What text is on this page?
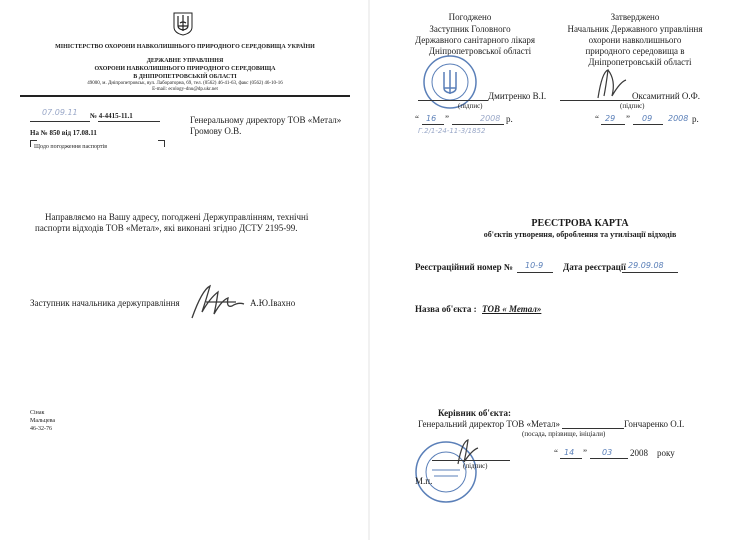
МІНІСТЕРСТВО ОХОРОНИ НАВКОЛИШНЬОГО ПРИРОДНОГО СЕРЕДОВИЩА УКРАЇНИ
ДЕРЖАВНЕ УПРАВЛІННЯ
ОХОРОНИ НАВКОЛИШНЬОГО ПРИРОДНОГО СЕРЕДОВИЩА
В ДНІПРОПЕТРОВСЬКІЙ ОБЛАСТІ
49000, м. Дніпропетровськ, вул. Лабораторна, 69, тел. (0562) 46-41-63, факс (0562) 46-10-16
E-mail: ecology-dnu@dp.ukr.net
07.09.11 № 4-4415-11.1
На № 850 від 17.08.11
Генеральному директору ТОВ «Метал»
Громову О.В.
Щодо погодження паспортів
Направляємо на Вашу адресу, погоджені Держуправлінням, технічні
паспорти відходів ТОВ «Метал», які виконані згідно ДСТУ 2195-99.
Заступник начальника держуправління	А.Ю.Івахно
Сінак
Мальцева
46-32-76
Погоджено
Заступник Головного
Державного санітарного лікаря
Дніпропетровської області
Дмитренко В.І.
(підпис)
“ 16 ”	2008 р.
Г.2/1-24-11-3/1852
Затверджено
Начальник Державного управління
охорони навколишнього
природного середовища в
Дніпропетровській області
Оксамитний О.Ф.
(підпис)
“ 29 ” 09 2008 р.
РЕЄСТРОВА КАРТА
об'єктів утворення, оброблення та утилізації відходів
Реєстраційний номер № 10-9 Дата реєстрації 29.09.08
Назва об'єкта : ТОВ « Метал»
Керівник об'єкта:
Генеральний директор ТОВ «Метал»	Гончаренко О.І.
(посада, прізвище, ініціали)
(підпис)
“ 14 ” 03 2008 року
М.п.
